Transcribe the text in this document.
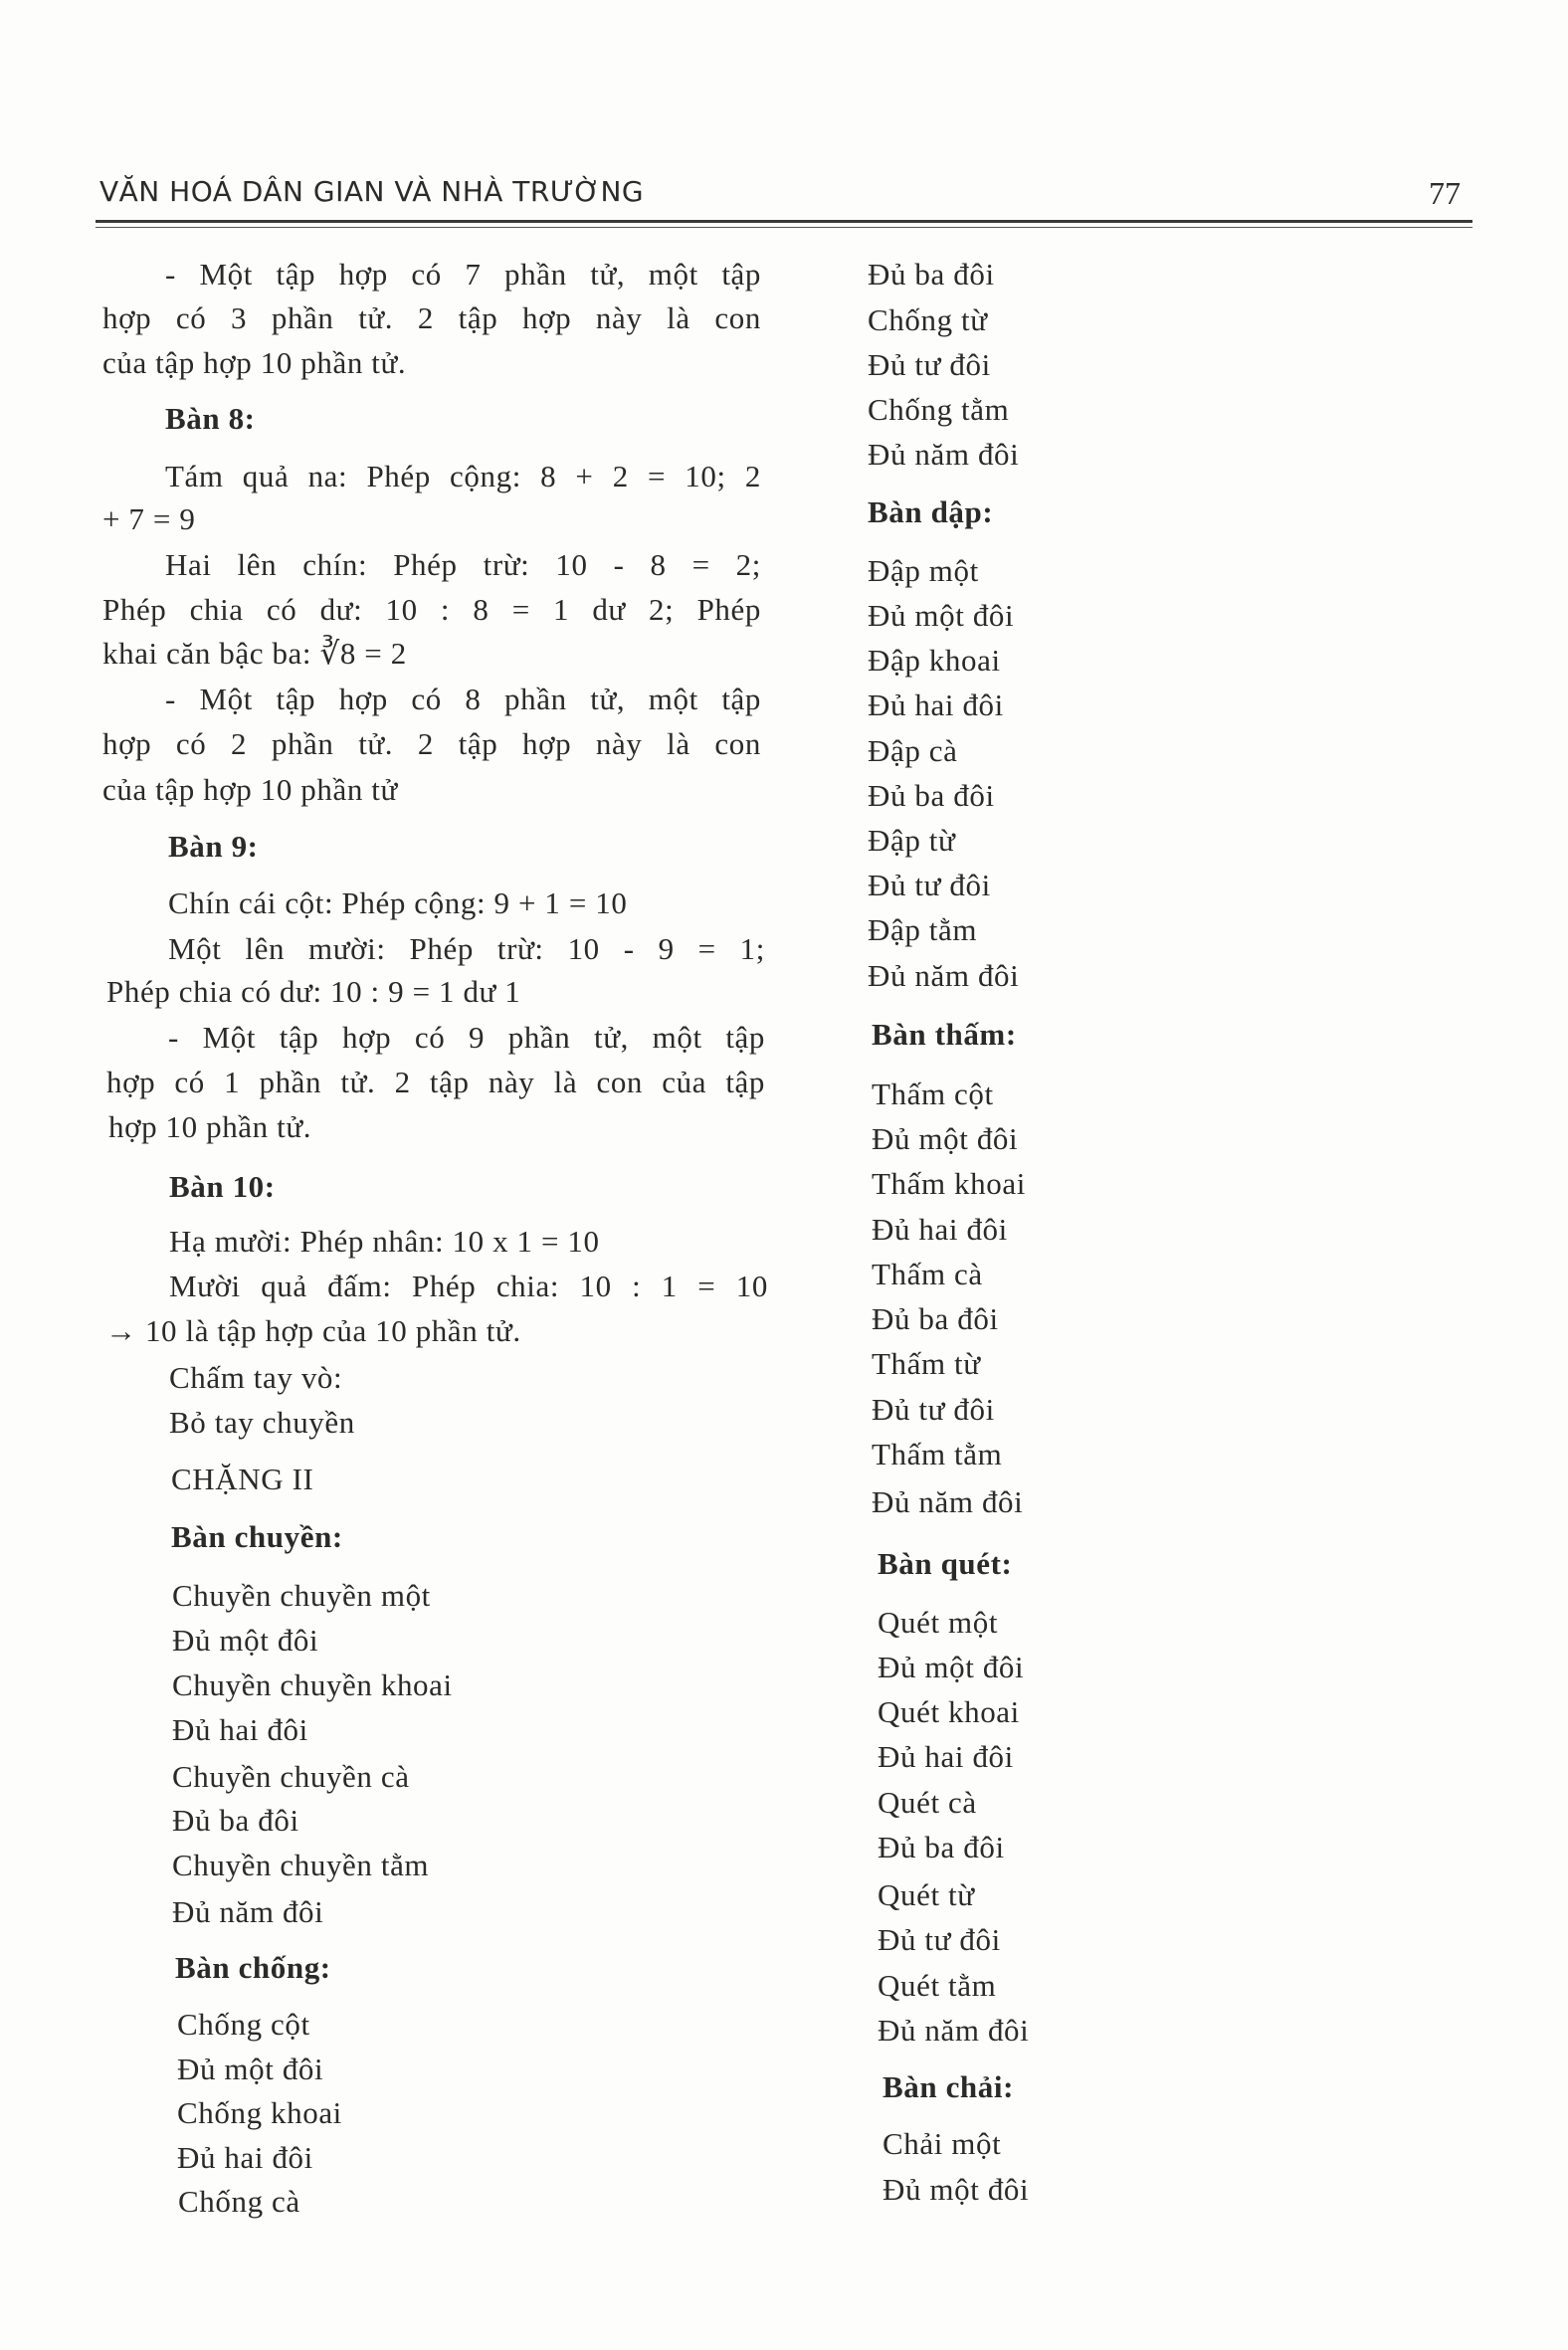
VĂN HOÁ DÂN GIAN VÀ NHÀ TRƯỜNG	77
- Một tập hợp có 7 phần tử, một tập
hợp có 3 phần tử. 2 tập hợp này là con
của tập hợp 10 phần tử.
Bàn 8:
Tám quả na: Phép cộng: 8 + 2 = 10; 2
+ 7 = 9
Hai lên chín: Phép trừ: 10 - 8 = 2;
Phép chia có dư: 10 : 8 = 1 dư 2; Phép
khai căn bậc ba: ∛8 = 2
- Một tập hợp có 8 phần tử, một tập
hợp có 2 phần tử. 2 tập hợp này là con
của tập hợp 10 phần tử
Bàn 9:
Chín cái cột: Phép cộng: 9 + 1 = 10
Một lên mười: Phép trừ: 10 - 9 = 1;
Phép chia có dư: 10 : 9 = 1 dư 1
- Một tập hợp có 9 phần tử, một tập
hợp có 1 phần tử. 2 tập này là con của tập
hợp 10 phần tử.
Bàn 10:
Hạ mười: Phép nhân: 10 x 1 = 10
Mười quả đấm: Phép chia: 10 : 1 = 10
→ 10 là tập hợp của 10 phần tử.
Chấm tay vò:
Bỏ tay chuyền
CHẶNG II
Bàn chuyền:
Chuyền chuyền một
Đủ một đôi
Chuyền chuyền khoai
Đủ hai đôi
Chuyền chuyền cà
Đủ ba đôi
Chuyền chuyền tằm
Đủ năm đôi
Bàn chống:
Chống cột
Đủ một đôi
Chống khoai
Đủ hai đôi
Chống cà
Đủ ba đôi
Chống từ
Đủ tư đôi
Chống tằm
Đủ năm đôi
Bàn dập:
Đập một
Đủ một đôi
Đập khoai
Đủ hai đôi
Đập cà
Đủ ba đôi
Đập từ
Đủ tư đôi
Đập tằm
Đủ năm đôi
Bàn thấm:
Thấm cột
Đủ một đôi
Thấm khoai
Đủ hai đôi
Thấm cà
Đủ ba đôi
Thấm từ
Đủ tư đôi
Thấm tằm
Đủ năm đôi
Bàn quét:
Quét một
Đủ một đôi
Quét khoai
Đủ hai đôi
Quét cà
Đủ ba đôi
Quét từ
Đủ tư đôi
Quét tằm
Đủ năm đôi
Bàn chải:
Chải một
Đủ một đôi
